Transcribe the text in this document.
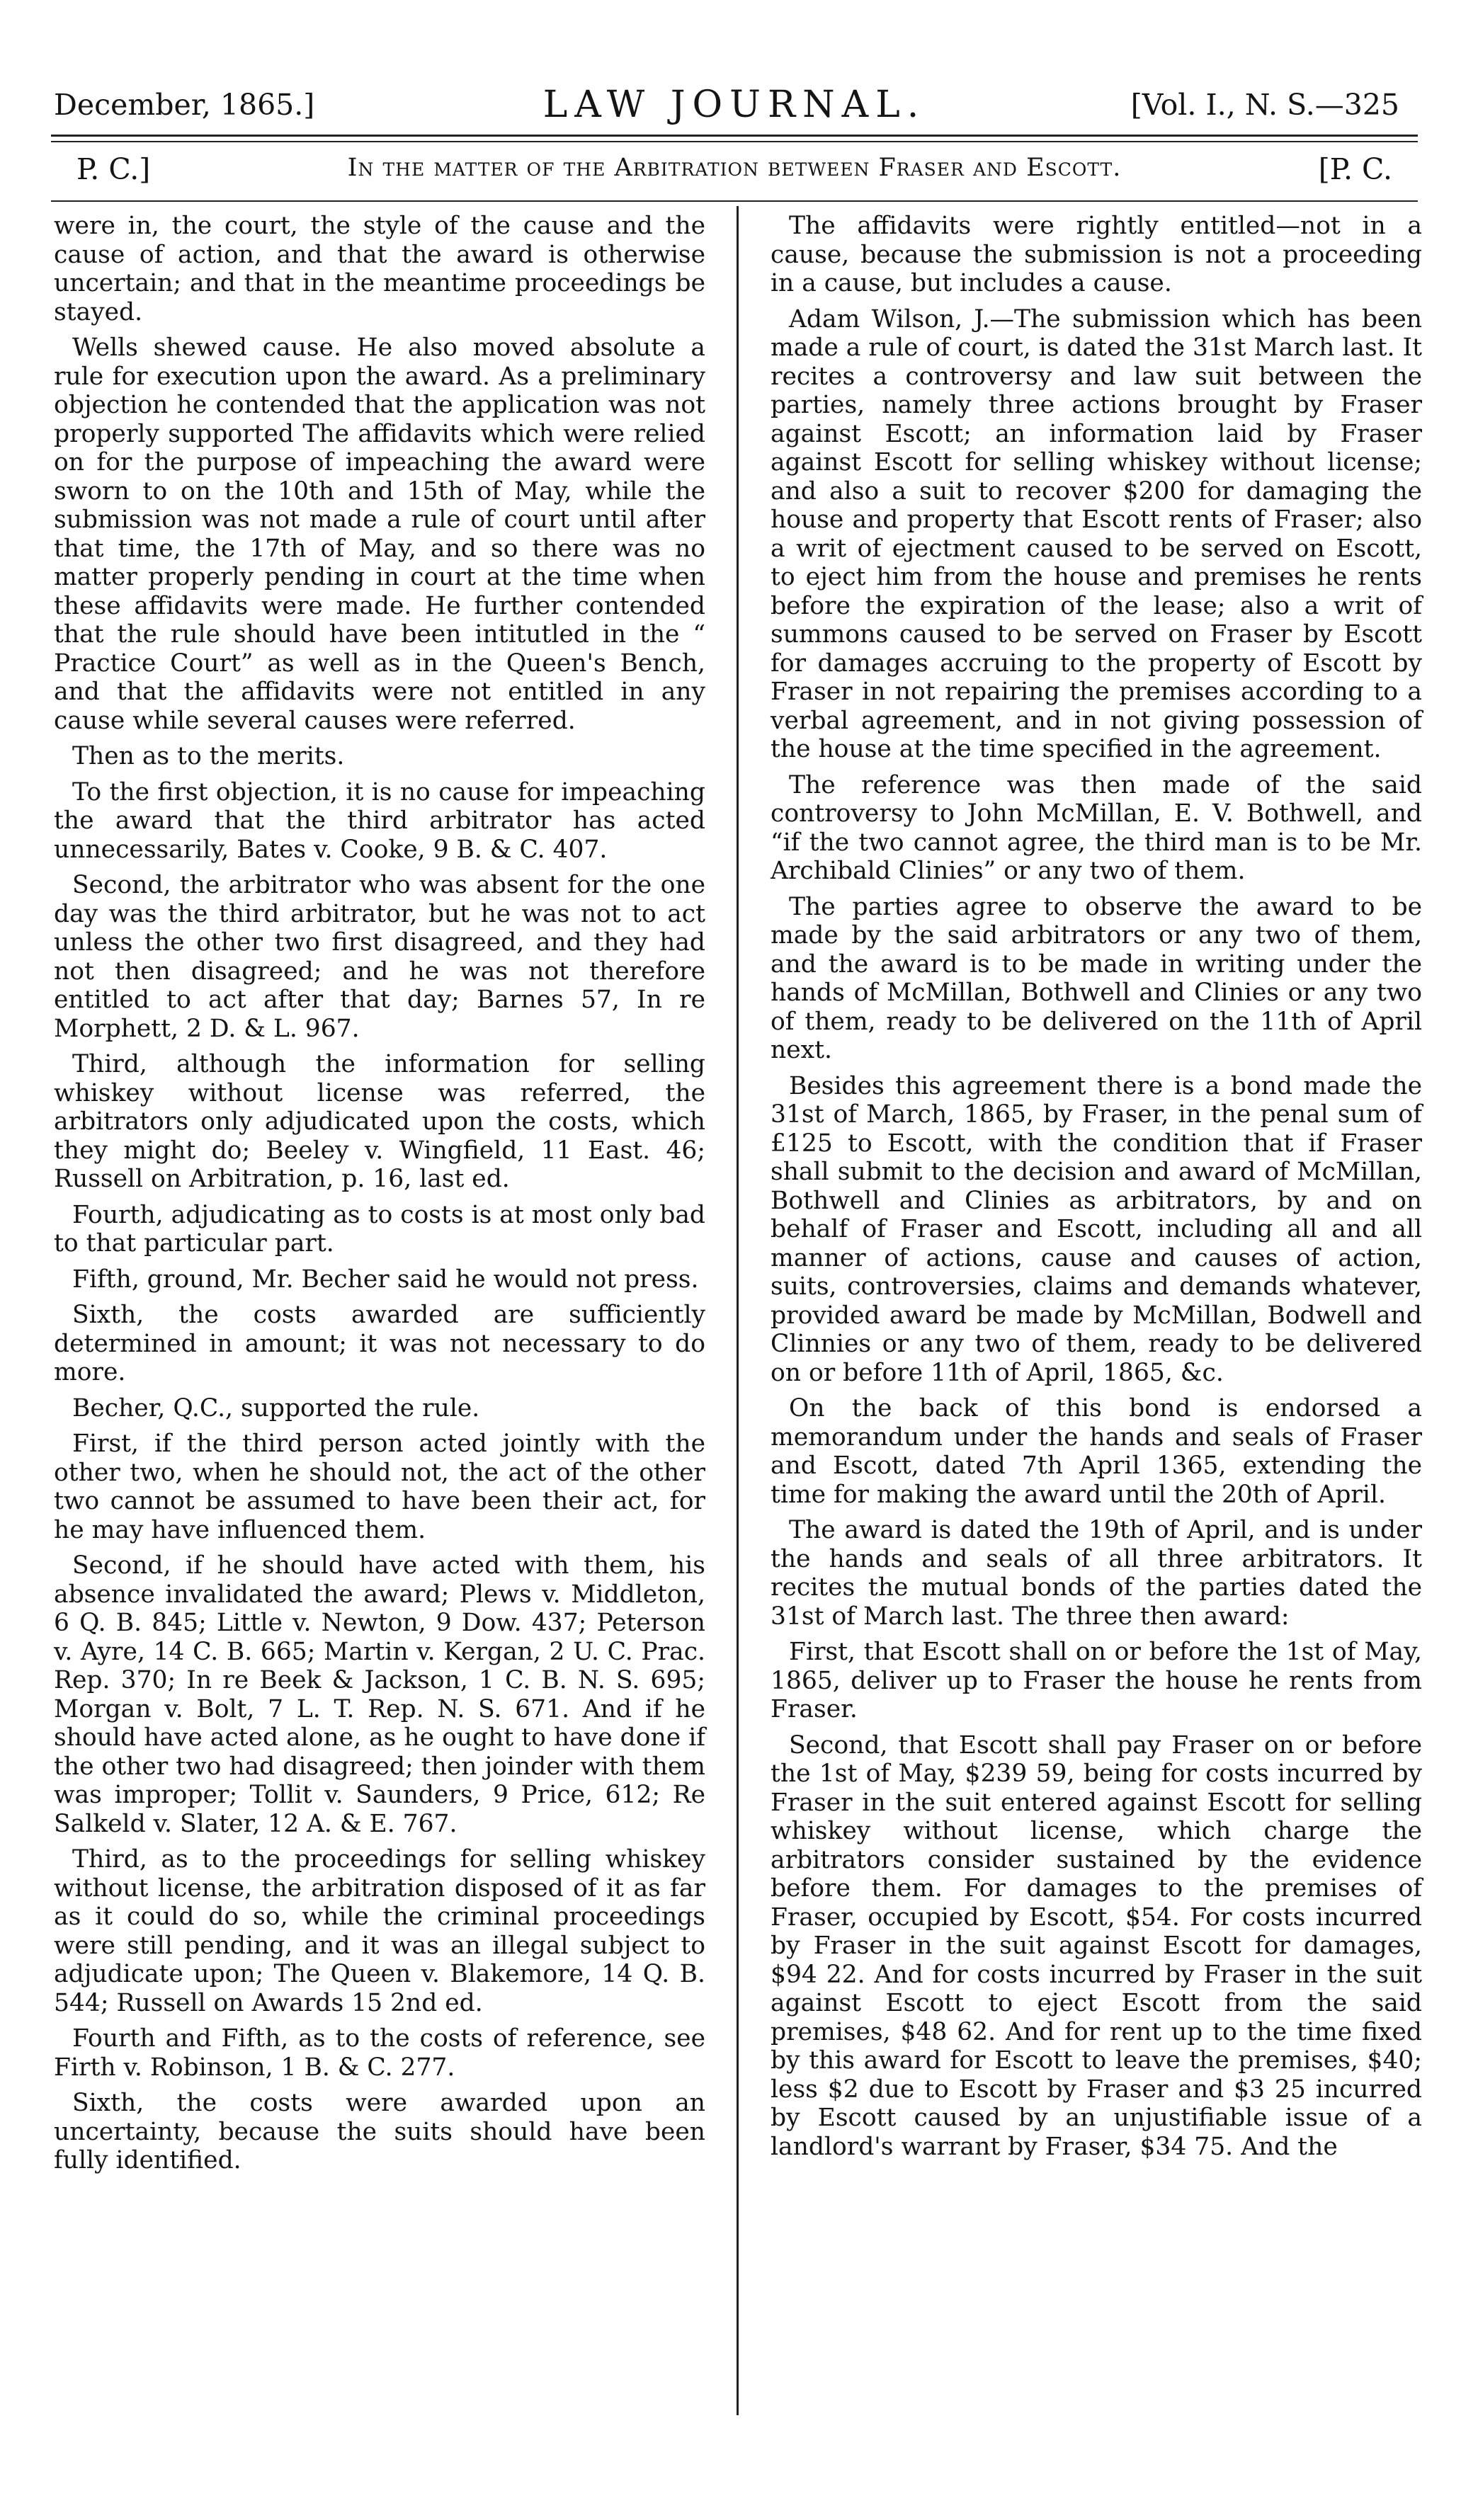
December, 1865.]	LAW JOURNAL.	[Vol. I., N. S.—325
P. C.]	In the matter of the Arbitration between Fraser and Escott.	[P. C.

were in, the court, the style of the cause and the cause of action, and that the award is otherwise uncertain; and that in the meantime proceedings be stayed.

Wells shewed cause. He also moved absolute a rule for execution upon the award. As a preliminary objection he contended that the application was not properly supported The affidavits which were relied on for the purpose of impeaching the award were sworn to on the 10th and 15th of May, while the submission was not made a rule of court until after that time, the 17th of May, and so there was no matter properly pending in court at the time when these affidavits were made. He further contended that the rule should have been intitutled in the “ Practice Court” as well as in the Queen's Bench, and that the affidavits were not entitled in any cause while several causes were referred.

Then as to the merits.

To the first objection, it is no cause for impeaching the award that the third arbitrator has acted unnecessarily, Bates v. Cooke, 9 B. & C. 407.

Second, the arbitrator who was absent for the one day was the third arbitrator, but he was not to act unless the other two first disagreed, and they had not then disagreed; and he was not therefore entitled to act after that day; Barnes 57, In re Morphett, 2 D. & L. 967.

Third, although the information for selling whiskey without license was referred, the arbitrators only adjudicated upon the costs, which they might do; Beeley v. Wingfield, 11 East. 46; Russell on Arbitration, p. 16, last ed.

Fourth, adjudicating as to costs is at most only bad to that particular part.

Fifth, ground, Mr. Becher said he would not press.

Sixth, the costs awarded are sufficiently determined in amount; it was not necessary to do more.

Becher, Q.C., supported the rule.

First, if the third person acted jointly with the other two, when he should not, the act of the other two cannot be assumed to have been their act, for he may have influenced them.

Second, if he should have acted with them, his absence invalidated the award; Plews v. Middleton, 6 Q. B. 845; Little v. Newton, 9 Dow. 437; Peterson v. Ayre, 14 C. B. 665; Martin v. Kergan, 2 U. C. Prac. Rep. 370; In re Beek & Jackson, 1 C. B. N. S. 695; Morgan v. Bolt, 7 L. T. Rep. N. S. 671. And if he should have acted alone, as he ought to have done if the other two had disagreed; then joinder with them was improper; Tollit v. Saunders, 9 Price, 612; Re Salkeld v. Slater, 12 A. & E. 767.

Third, as to the proceedings for selling whiskey without license, the arbitration disposed of it as far as it could do so, while the criminal proceedings were still pending, and it was an illegal subject to adjudicate upon; The Queen v. Blakemore, 14 Q. B. 544; Russell on Awards 15 2nd ed.

Fourth and Fifth, as to the costs of reference, see Firth v. Robinson, 1 B. & C. 277.

Sixth, the costs were awarded upon an uncertainty, because the suits should have been fully identified.

The affidavits were rightly entitled—not in a cause, because the submission is not a proceeding in a cause, but includes a cause.

Adam Wilson, J.—The submission which has been made a rule of court, is dated the 31st March last. It recites a controversy and law suit between the parties, namely three actions brought by Fraser against Escott; an information laid by Fraser against Escott for selling whiskey without license; and also a suit to recover $200 for damaging the house and property that Escott rents of Fraser; also a writ of ejectment caused to be served on Escott, to eject him from the house and premises he rents before the expiration of the lease; also a writ of summons caused to be served on Fraser by Escott for damages accruing to the property of Escott by Fraser in not repairing the premises according to a verbal agreement, and in not giving possession of the house at the time specified in the agreement.

The reference was then made of the said controversy to John McMillan, E. V. Bothwell, and “if the two cannot agree, the third man is to be Mr. Archibald Clinies” or any two of them.

The parties agree to observe the award to be made by the said arbitrators or any two of them, and the award is to be made in writing under the hands of McMillan, Bothwell and Clinies or any two of them, ready to be delivered on the 11th of April next.

Besides this agreement there is a bond made the 31st of March, 1865, by Fraser, in the penal sum of £125 to Escott, with the condition that if Fraser shall submit to the decision and award of McMillan, Bothwell and Clinies as arbitrators, by and on behalf of Fraser and Escott, including all and all manner of actions, cause and causes of action, suits, controversies, claims and demands whatever, provided award be made by McMillan, Bodwell and Clinnies or any two of them, ready to be delivered on or before 11th of April, 1865, &c.

On the back of this bond is endorsed a memorandum under the hands and seals of Fraser and Escott, dated 7th April 1365, extending the time for making the award until the 20th of April.

The award is dated the 19th of April, and is under the hands and seals of all three arbitrators. It recites the mutual bonds of the parties dated the 31st of March last. The three then award:

First, that Escott shall on or before the 1st of May, 1865, deliver up to Fraser the house he rents from Fraser.

Second, that Escott shall pay Fraser on or before the 1st of May, $239 59, being for costs incurred by Fraser in the suit entered against Escott for selling whiskey without license, which charge the arbitrators consider sustained by the evidence before them. For damages to the premises of Fraser, occupied by Escott, $54. For costs incurred by Fraser in the suit against Escott for damages, $94 22. And for costs incurred by Fraser in the suit against Escott to eject Escott from the said premises, $48 62. And for rent up to the time fixed by this award for Escott to leave the premises, $40; less $2 due to Escott by Fraser and $3 25 incurred by Escott caused by an unjustifiable issue of a landlord's warrant by Fraser, $34 75. And the
